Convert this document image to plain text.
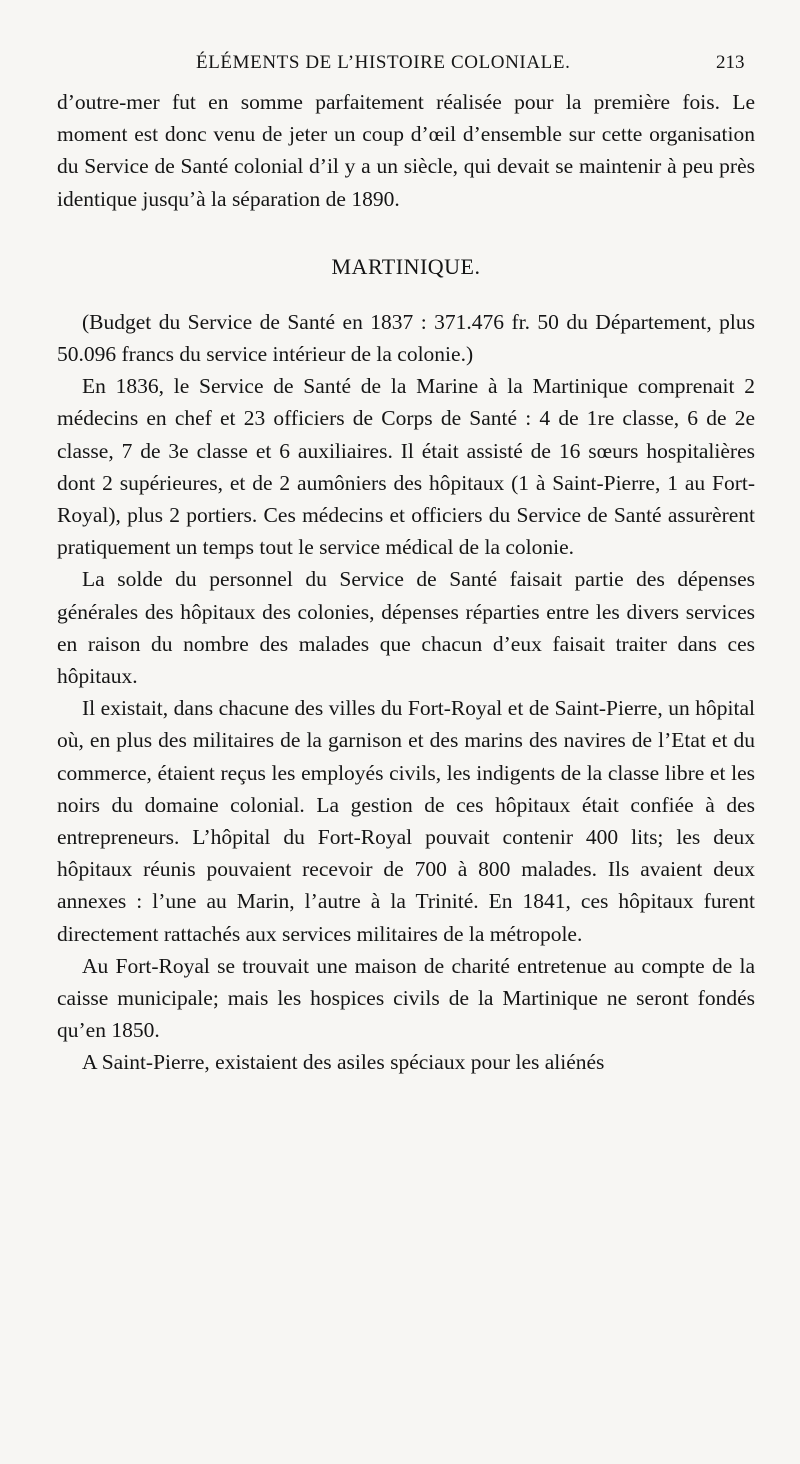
ÉLÉMENTS DE L’HISTOIRE COLONIALE.	213

d’outre-mer fut en somme parfaitement réalisée pour la première fois. Le moment est donc venu de jeter un coup d’œil d’ensemble sur cette organisation du Service de Santé colonial d’il y a un siècle, qui devait se maintenir à peu près identique jusqu’à la séparation de 1890.

MARTINIQUE.

(Budget du Service de Santé en 1837 : 371.476 fr. 50 du Département, plus 50.096 francs du service intérieur de la colonie.)

En 1836, le Service de Santé de la Marine à la Martinique comprenait 2 médecins en chef et 23 officiers de Corps de Santé : 4 de 1re classe, 6 de 2e classe, 7 de 3e classe et 6 auxiliaires. Il était assisté de 16 sœurs hospitalières dont 2 supérieures, et de 2 aumôniers des hôpitaux (1 à Saint-Pierre, 1 au Fort-Royal), plus 2 portiers. Ces médecins et officiers du Service de Santé assurèrent pratiquement un temps tout le service médical de la colonie.

La solde du personnel du Service de Santé faisait partie des dépenses générales des hôpitaux des colonies, dépenses réparties entre les divers services en raison du nombre des malades que chacun d’eux faisait traiter dans ces hôpitaux.

Il existait, dans chacune des villes du Fort-Royal et de Saint-Pierre, un hôpital où, en plus des militaires de la garnison et des marins des navires de l’Etat et du commerce, étaient reçus les employés civils, les indigents de la classe libre et les noirs du domaine colonial. La gestion de ces hôpitaux était confiée à des entrepreneurs. L’hôpital du Fort-Royal pouvait contenir 400 lits; les deux hôpitaux réunis pouvaient recevoir de 700 à 800 malades. Ils avaient deux annexes : l’une au Marin, l’autre à la Trinité. En 1841, ces hôpitaux furent directement rattachés aux services militaires de la métropole.

Au Fort-Royal se trouvait une maison de charité entretenue au compte de la caisse municipale; mais les hospices civils de la Martinique ne seront fondés qu’en 1850.

A Saint-Pierre, existaient des asiles spéciaux pour les aliénés
